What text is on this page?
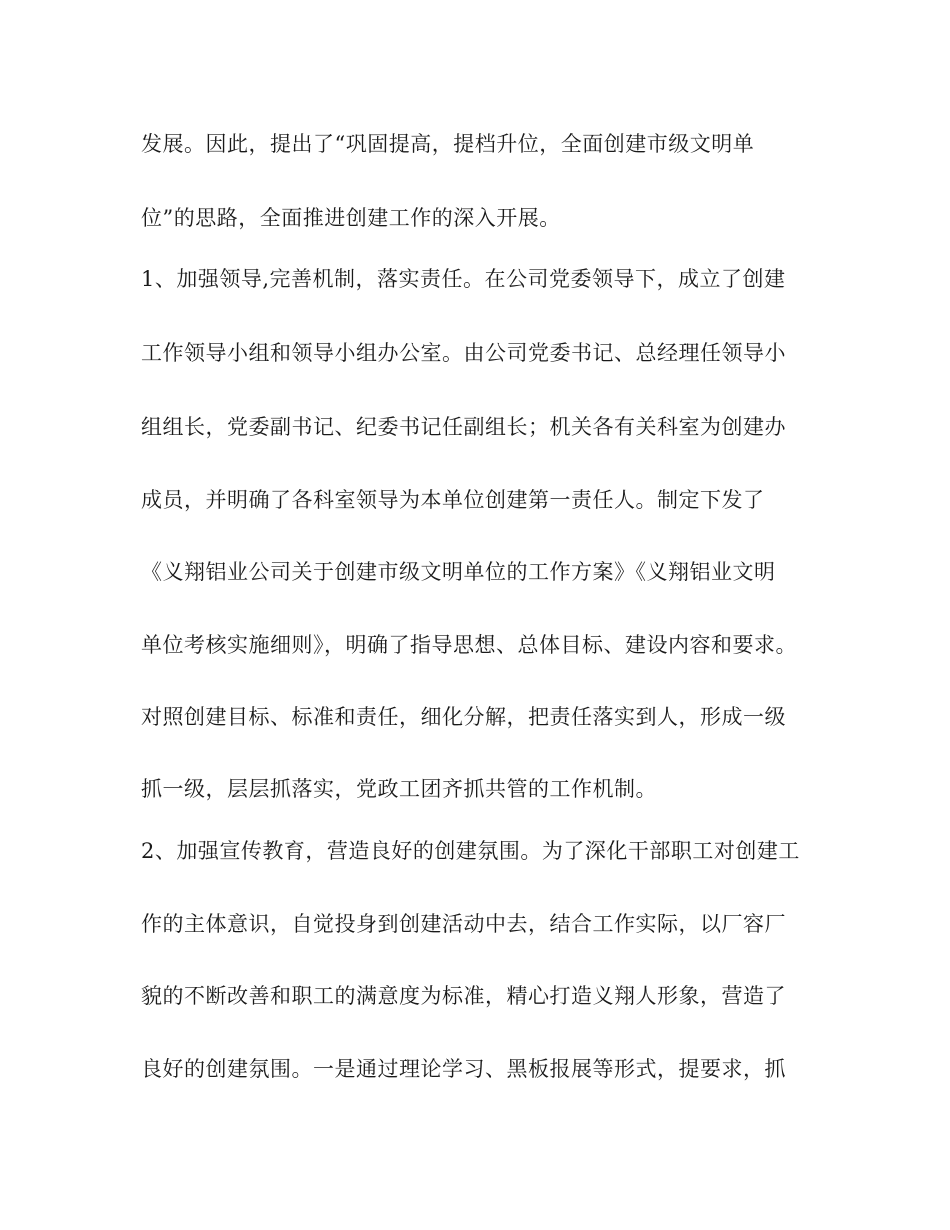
发展。因此，提出了“巩固提高，提档升位，全面创建市级文明单
位”的思路，全面推进创建工作的深入开展。
1、加强领导,完善机制，落实责任。在公司党委领导下，成立了创建
工作领导小组和领导小组办公室。由公司党委书记、总经理任领导小
组组长，党委副书记、纪委书记任副组长；机关各有关科室为创建办
成员，并明确了各科室领导为本单位创建第一责任人。制定下发了
《义翔铝业公司关于创建市级文明单位的工作方案》《义翔铝业文明
单位考核实施细则》，明确了指导思想、总体目标、建设内容和要求。
对照创建目标、标准和责任，细化分解，把责任落实到人，形成一级
抓一级，层层抓落实，党政工团齐抓共管的工作机制。
2、加强宣传教育，营造良好的创建氛围。为了深化干部职工对创建工
作的主体意识，自觉投身到创建活动中去，结合工作实际，以厂容厂
貌的不断改善和职工的满意度为标准，精心打造义翔人形象，营造了
良好的创建氛围。一是通过理论学习、黑板报展等形式，提要求，抓
